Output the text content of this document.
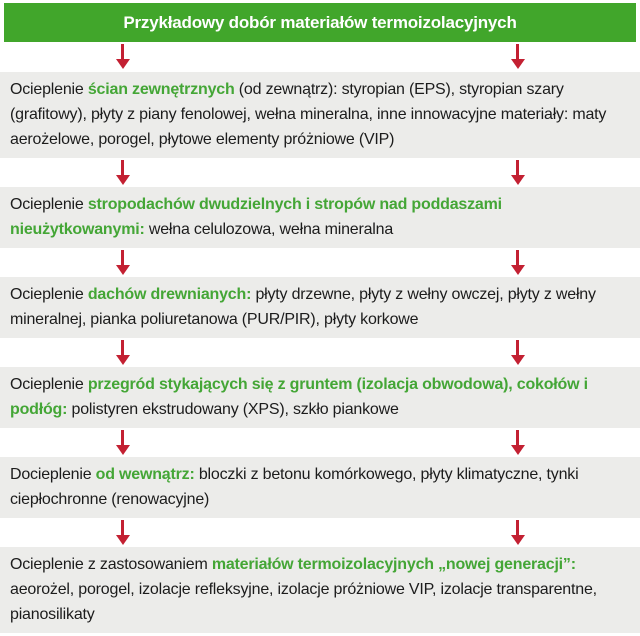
Przykładowy dobór materiałów termoizolacyjnych
Ocieplenie ścian zewnętrznych (od zewnątrz): styropian (EPS), styropian szary (grafitowy), płyty z piany fenolowej, wełna mineralna, inne innowacyjne materiały: maty aerożelowe, porogel, płytowe elementy próżniowe (VIP)
Ocieplenie stropodachów dwudzielnych i stropów nad poddaszami nieużytkowanymi: wełna celulozowa, wełna mineralna
Ocieplenie dachów drewnianych: płyty drzewne, płyty z wełny owczej, płyty z wełny mineralnej, pianka poliuretanowa (PUR/PIR), płyty korkowe
Ocieplenie przegród stykających się z gruntem (izolacja obwodowa), cokołów i podłóg: polistyren ekstrudowany (XPS), szkło piankowe
Docieplenie od wewnątrz: bloczki z betonu komórkowego, płyty klimatyczne, tynki ciepłochronne (renowacyjne)
Ocieplenie z zastosowaniem materiałów termoizolacyjnych „nowej generacji”: aeorożel, porogel, izolacje refleksyjne, izolacje próżniowe VIP, izolacje transparentne, pianosilikaty
